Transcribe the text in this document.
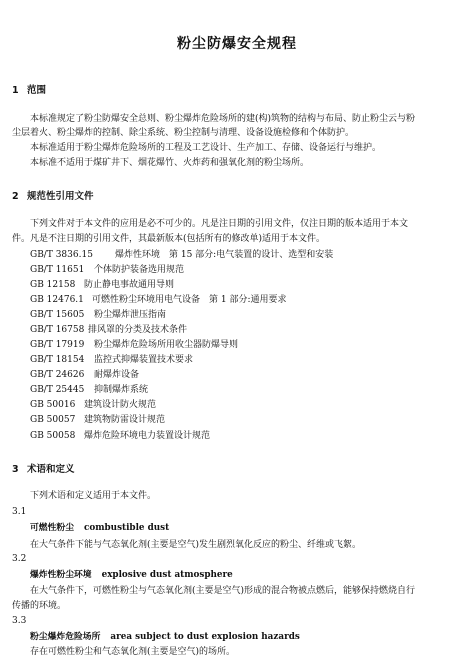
粉尘防爆安全规程
1 范围
本标准规定了粉尘防爆安全总则、粉尘爆炸危险场所的建(构)筑物的结构与布局、防止粉尘云与粉
尘层着火、粉尘爆炸的控制、除尘系统、粉尘控制与清理、设备设施检修和个体防护。
本标准适用于粉尘爆炸危险场所的工程及工艺设计、生产加工、存储、设备运行与维护。
本标准不适用于煤矿井下、烟花爆竹、火炸药和强氧化剂的粉尘场所。
2 规范性引用文件
下列文件对于本文件的应用是必不可少的。凡是注日期的引用文件，仅注日期的版本适用于本文
件。凡是不注日期的引用文件，其最新版本(包括所有的修改单)适用于本文件。
GB/T 3836.15 爆炸性环境　第 15 部分:电气装置的设计、选型和安装
GB/T 11651 个体防护装备选用规范
GB 12158 防止静电事故通用导则
GB 12476.1 可燃性粉尘环境用电气设备　第 1 部分:通用要求
GB/T 15605 粉尘爆炸泄压指南
GB/T 16758 排风罩的分类及技术条件
GB/T 17919 粉尘爆炸危险场所用收尘器防爆导则
GB/T 18154 监控式抑爆装置技术要求
GB/T 24626 耐爆炸设备
GB/T 25445 抑制爆炸系统
GB 50016 建筑设计防火规范
GB 50057 建筑物防雷设计规范
GB 50058 爆炸危险环境电力装置设计规范
3 术语和定义
下列术语和定义适用于本文件。
3.1
可燃性粉尘 combustible dust
在大气条件下能与气态氧化剂(主要是空气)发生剧烈氧化反应的粉尘、纤维或飞絮。
3.2
爆炸性粉尘环境 explosive dust atmosphere
在大气条件下，可燃性粉尘与气态氧化剂(主要是空气)形成的混合物被点燃后，能够保持燃烧自行
传播的环境。
3.3
粉尘爆炸危险场所 area subject to dust explosion hazards
存在可燃性粉尘和气态氧化剂(主要是空气)的场所。
